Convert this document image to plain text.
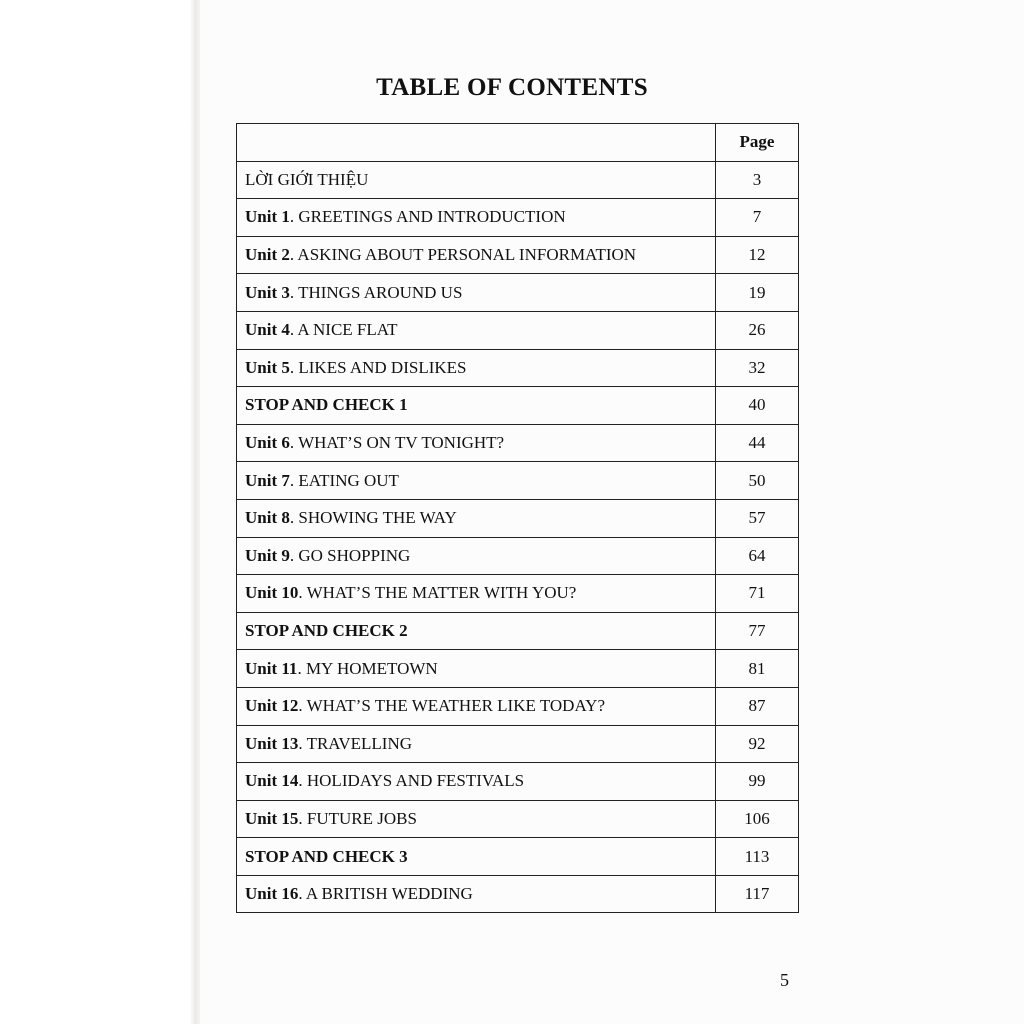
TABLE OF CONTENTS
	Page
LỜI GIỚI THIỆU	3
Unit 1. GREETINGS AND INTRODUCTION	7
Unit 2. ASKING ABOUT PERSONAL INFORMATION	12
Unit 3. THINGS AROUND US	19
Unit 4. A NICE FLAT	26
Unit 5. LIKES AND DISLIKES	32
STOP AND CHECK 1	40
Unit 6. WHAT’S ON TV TONIGHT?	44
Unit 7. EATING OUT	50
Unit 8. SHOWING THE WAY	57
Unit 9. GO SHOPPING	64
Unit 10. WHAT’S THE MATTER WITH YOU?	71
STOP AND CHECK 2	77
Unit 11. MY HOMETOWN	81
Unit 12. WHAT’S THE WEATHER LIKE TODAY?	87
Unit 13. TRAVELLING	92
Unit 14. HOLIDAYS AND FESTIVALS	99
Unit 15. FUTURE JOBS	106
STOP AND CHECK 3	113
Unit 16. A BRITISH WEDDING	117
5
